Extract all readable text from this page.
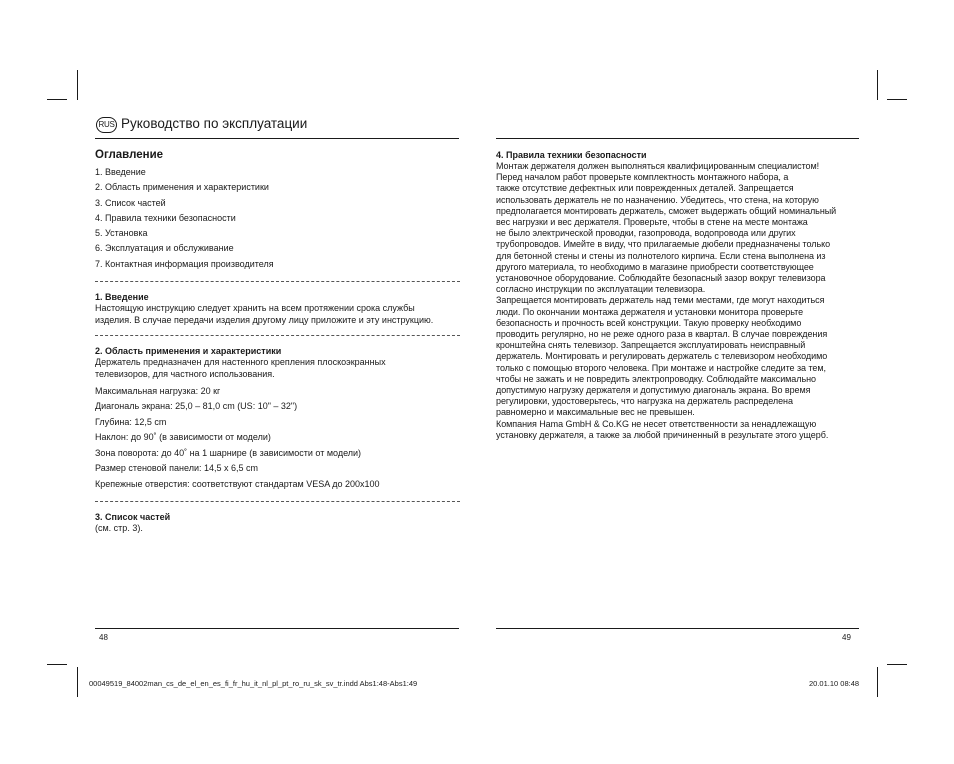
RUS Руководство по эксплуатации
Оглавление
1. Введение
2. Область применения и характеристики
3. Список частей
4. Правила техники безопасности
5. Установка
6. Эксплуатация и обслуживание
7. Контактная информация производителя
1. Введение
Настоящую инструкцию следует хранить на всем протяжении срока службы
изделия. В случае передачи изделия другому лицу приложите и эту инструкцию.
2. Область применения и характеристики
Держатель предназначен для настенного крепления плоскоэкранных
телевизоров, для частного использования.
Максимальная нагрузка: 20 кг
Диагональ экрана: 25,0 – 81,0 cm (US: 10" – 32")
Глубина: 12,5 cm
Наклон: до 90˚ (в зависимости от модели)
Зона поворота: до 40˚ на 1 шарнире (в зависимости от модели)
Размер стеновой панели: 14,5 x 6,5 cm
Крепежные отверстия: соответствуют стандартам VESA до 200x100
3. Список частей
(см. стр. 3).
4. Правила техники безопасности
Монтаж держателя должен выполняться квалифицированным специалистом!
Перед началом работ проверьте комплектность монтажного набора, а
также отсутствие дефектных или поврежденных деталей. Запрещается
использовать держатель не по назначению. Убедитесь, что стена, на которую
предполагается монтировать держатель, сможет выдержать общий номинальный
вес нагрузки и вес держателя. Проверьте, чтобы в стене на месте монтажа
не было электрической проводки, газопровода, водопровода или других
трубопроводов. Имейте в виду, что прилагаемые дюбели предназначены только
для бетонной стены и стены из полнотелого кирпича. Если стена выполнена из
другого материала, то необходимо в магазине приобрести соответствующее
установочное оборудование. Соблюдайте безопасный зазор вокруг телевизора
согласно инструкции по эксплуатации телевизора.
Запрещается монтировать держатель над теми местами, где могут находиться
люди. По окончании монтажа держателя и установки монитора проверьте
безопасность и прочность всей конструкции. Такую проверку необходимо
проводить регулярно, но не реже одного раза в квартал. В случае повреждения
кронштейна снять телевизор. Запрещается эксплуатировать неисправный
держатель. Монтировать и регулировать держатель с телевизором необходимо
только с помощью второго человека. При монтаже и настройке следите за тем,
чтобы не зажать и не повредить электропроводку. Соблюдайте максимально
допустимую нагрузку держателя и допустимую диагональ экрана. Во время
регулировки, удостоверьтесь, что нагрузка на держатель распределена
равномерно и максимальные вес не превышен.
Компания Hama GmbH & Co.KG не несет ответственности за ненадлежащую
установку держателя, а также за любой причиненный в результате этого ущерб.
48	49
00049519_84002man_cs_de_el_en_es_fi_fr_hu_it_nl_pl_pt_ro_ru_sk_sv_tr.indd Abs1:48-Abs1:49	20.01.10 08:48
